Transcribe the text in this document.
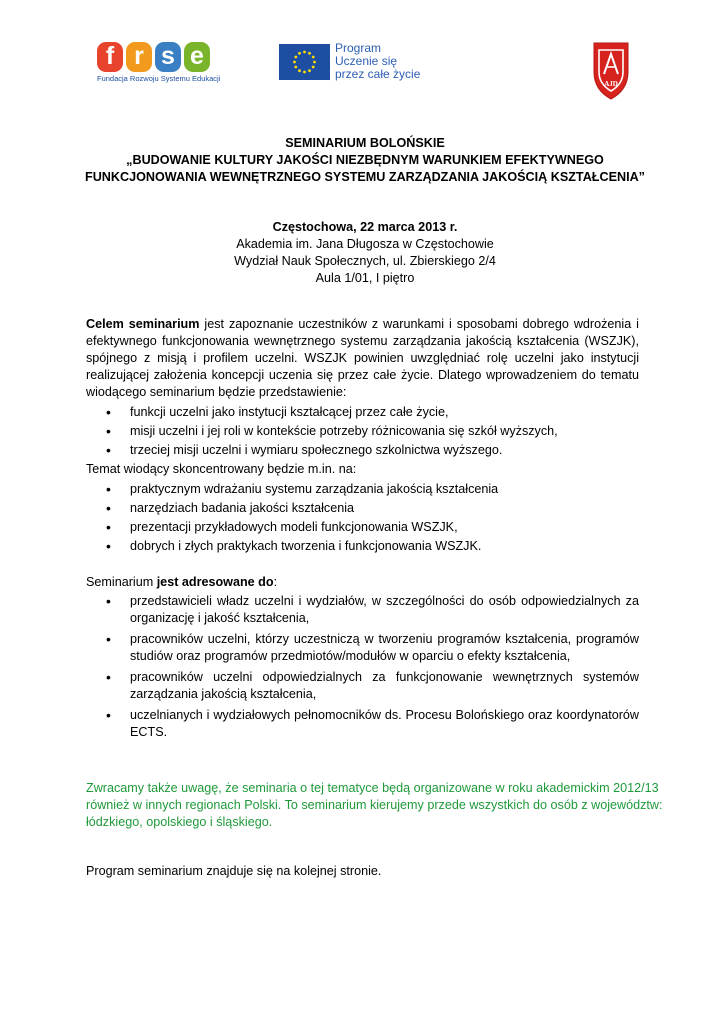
f r s e
Fundacja Rozwoju Systemu Edukacji
Program
Uczenie się
przez całe życie
AJD
SEMINARIUM BOLOŃSKIE
„BUDOWANIE KULTURY JAKOŚCI NIEZBĘDNYM WARUNKIEM EFEKTYWNEGO
FUNKCJONOWANIA WEWNĘTRZNEGO SYSTEMU ZARZĄDZANIA JAKOŚCIĄ KSZTAŁCENIA”
Częstochowa, 22 marca 2013 r.
Akademia im. Jana Długosza w Częstochowie
Wydział Nauk Społecznych, ul. Zbierskiego 2/4
Aula 1/01, I piętro
Celem seminarium jest zapoznanie uczestników z warunkami i sposobami dobrego wdrożenia i efektywnego funkcjonowania wewnętrznego systemu zarządzania jakością kształcenia (WSZJK), spójnego z misją i profilem uczelni. WSZJK powinien uwzględniać rolę uczelni jako instytucji realizującej założenia koncepcji uczenia się przez całe życie. Dlatego wprowadzeniem do tematu wiodącego seminarium będzie przedstawienie:
• funkcji uczelni jako instytucji kształcącej przez całe życie,
• misji uczelni i jej roli w kontekście potrzeby różnicowania się szkół wyższych,
• trzeciej misji uczelni i wymiaru społecznego szkolnictwa wyższego.
Temat wiodący skoncentrowany będzie m.in. na:
• praktycznym wdrażaniu systemu zarządzania jakością kształcenia
• narzędziach badania jakości kształcenia
• prezentacji przykładowych modeli funkcjonowania WSZJK,
• dobrych i złych praktykach tworzenia i funkcjonowania WSZJK.
Seminarium jest adresowane do:
• przedstawicieli władz uczelni i wydziałów, w szczególności do osób odpowiedzialnych za organizację i jakość kształcenia,
• pracowników uczelni, którzy uczestniczą w tworzeniu programów kształcenia, programów studiów oraz programów przedmiotów/modułów w oparciu o efekty kształcenia,
• pracowników uczelni odpowiedzialnych za funkcjonowanie wewnętrznych systemów zarządzania jakością kształcenia,
• uczelnianych i wydziałowych pełnomocników ds. Procesu Bolońskiego oraz koordynatorów ECTS.
Zwracamy także uwagę, że seminaria o tej tematyce będą organizowane w roku akademickim 2012/13
również w innych regionach Polski. To seminarium kierujemy przede wszystkich do osób z województw:
łódzkiego, opolskiego i śląskiego.
Program seminarium znajduje się na kolejnej stronie.
